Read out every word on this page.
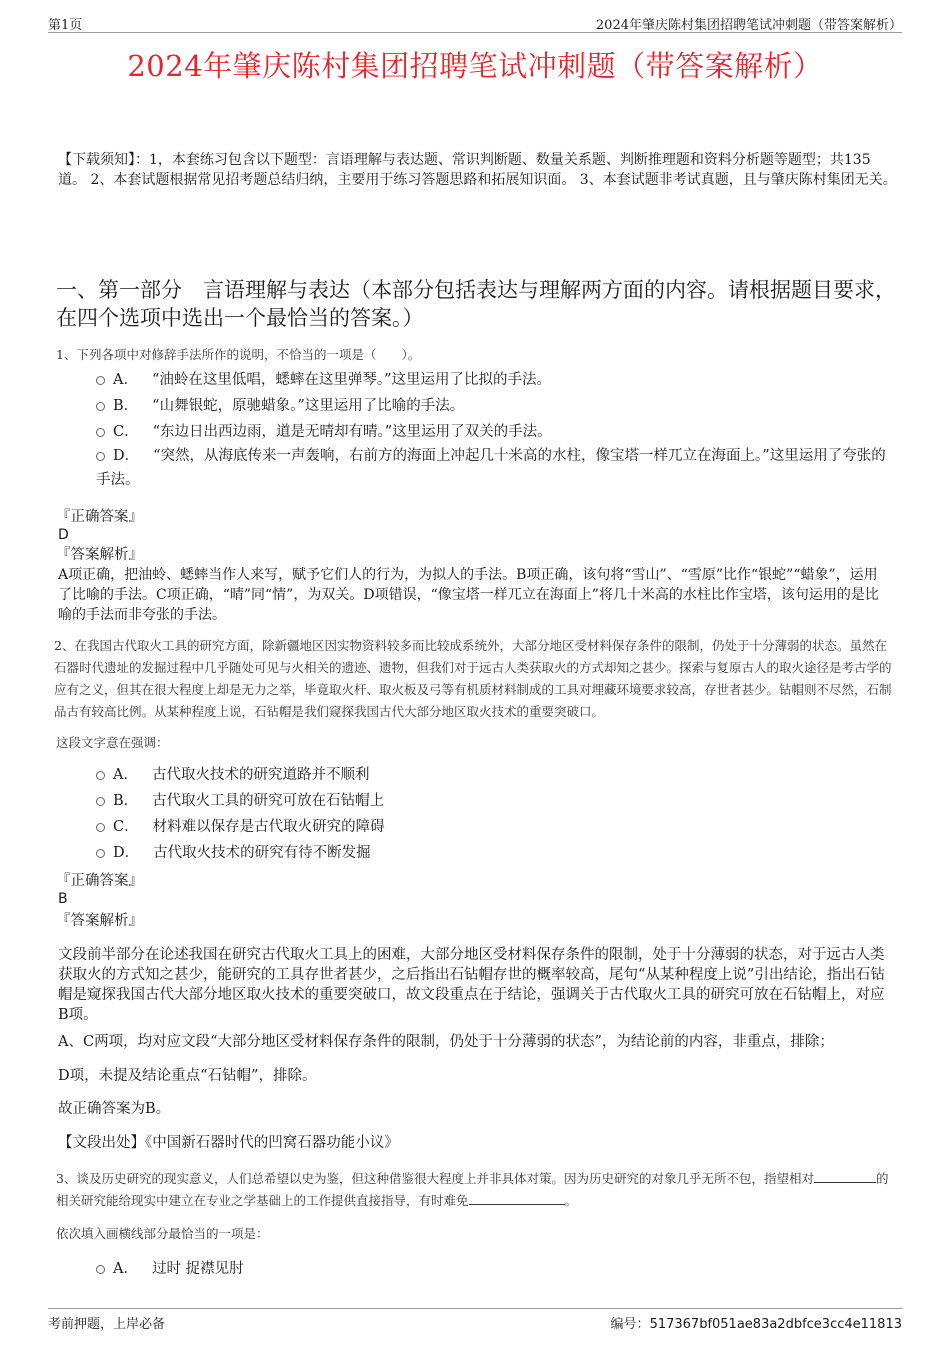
第1页	2024年肇庆陈村集团招聘笔试冲刺题（带答案解析）
2024年肇庆陈村集团招聘笔试冲刺题（带答案解析）
【下载须知】：1，本套练习包含以下题型：言语理解与表达题、常识判断题、数量关系题、判断推理题和资料分析题等题型；共135道。 2、本套试题根据常见招考题总结归纳，主要用于练习答题思路和拓展知识面。 3、本套试题非考试真题，且与肇庆陈村集团无关。
一、第一部分　言语理解与表达（本部分包括表达与理解两方面的内容。请根据题目要求，在四个选项中选出一个最恰当的答案。）
1、下列各项中对修辞手法所作的说明，不恰当的一项是（　　）。
A． “油蛉在这里低唱，蟋蟀在这里弹琴。”这里运用了比拟的手法。
B． “山舞银蛇，原驰蜡象。”这里运用了比喻的手法。
C． “东边日出西边雨，道是无晴却有晴。”这里运用了双关的手法。
D． “突然，从海底传来一声轰响，右前方的海面上冲起几十米高的水柱，像宝塔一样兀立在海面上。”这里运用了夸张的手法。
『正确答案』
D
『答案解析』
A项正确，把油蛉、蟋蟀当作人来写，赋予它们人的行为，为拟人的手法。B项正确，该句将“雪山”、“雪原”比作“银蛇”“蜡象”，运用了比喻的手法。C项正确，“晴”同“情”，为双关。D项错误，“像宝塔一样兀立在海面上”将几十米高的水柱比作宝塔，该句运用的是比喻的手法而非夸张的手法。
2、在我国古代取火工具的研究方面，除新疆地区因实物资料较多而比较成系统外，大部分地区受材料保存条件的限制，仍处于十分薄弱的状态。虽然在石器时代遗址的发掘过程中几乎随处可见与火相关的遗迹、遗物，但我们对于远古人类获取火的方式却知之甚少。探索与复原古人的取火途径是考古学的应有之义，但其在很大程度上却是无力之举，毕竟取火杆、取火板及弓等有机质材料制成的工具对埋藏环境要求较高，存世者甚少。钻帽则不尽然，石制品古有较高比例。从某种程度上说，石钻帽是我们窥探我国古代大部分地区取火技术的重要突破口。
这段文字意在强调：
A． 古代取火技术的研究道路并不顺利
B． 古代取火工具的研究可放在石钻帽上
C． 材料难以保存是古代取火研究的障碍
D． 古代取火技术的研究有待不断发掘
『正确答案』
B
『答案解析』
文段前半部分在论述我国在研究古代取火工具上的困难，大部分地区受材料保存条件的限制，处于十分薄弱的状态，对于远古人类获取火的方式知之甚少，能研究的工具存世者甚少，之后指出石钻帽存世的概率较高，尾句“从某种程度上说”引出结论，指出石钻帽是窥探我国古代大部分地区取火技术的重要突破口，故文段重点在于结论，强调关于古代取火工具的研究可放在石钻帽上，对应B项。
A、C两项，均对应文段“大部分地区受材料保存条件的限制，仍处于十分薄弱的状态”，为结论前的内容，非重点，排除；
D项，未提及结论重点“石钻帽”，排除。
故正确答案为B。
【文段出处】《中国新石器时代的凹窝石器功能小议》
3、谈及历史研究的现实意义，人们总希望以史为鉴，但这种借鉴很大程度上并非具体对策。因为历史研究的对象几乎无所不包，指望相对	的相关研究能给现实中建立在专业之学基础上的工作提供直接指导，有时难免	。
依次填入画横线部分最恰当的一项是：
A． 过时 捉襟见肘
考前押题，上岸必备	编号：517367bf051ae83a2dbfce3cc4e11813
